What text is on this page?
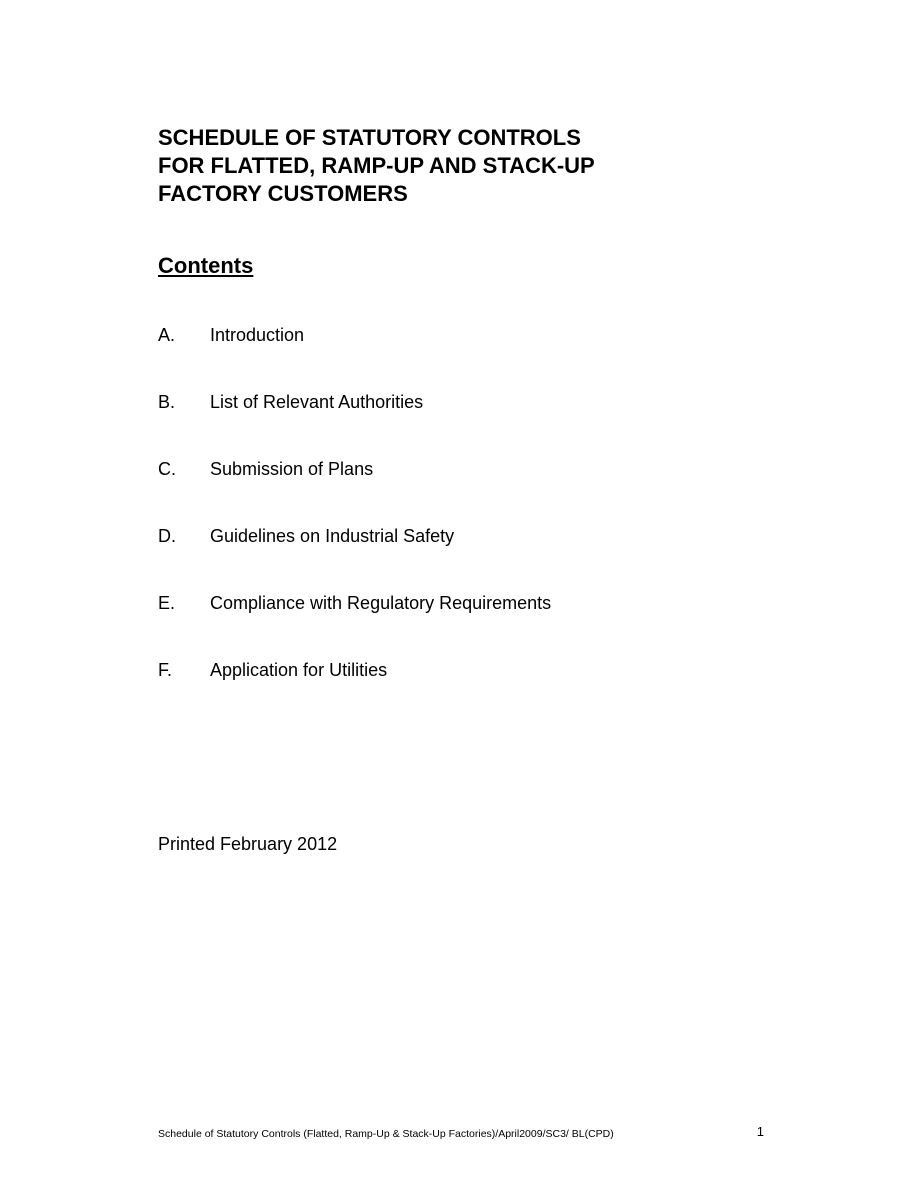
SCHEDULE OF STATUTORY CONTROLS
FOR FLATTED, RAMP-UP AND STACK-UP
FACTORY CUSTOMERS
Contents
A. Introduction
B. List of Relevant Authorities
C. Submission of Plans
D. Guidelines on Industrial Safety
E. Compliance with Regulatory Requirements
F. Application for Utilities

Printed February 2012

Schedule of Statutory Controls (Flatted, Ramp-Up & Stack-Up Factories)/April2009/SC3/ BL(CPD)	1
